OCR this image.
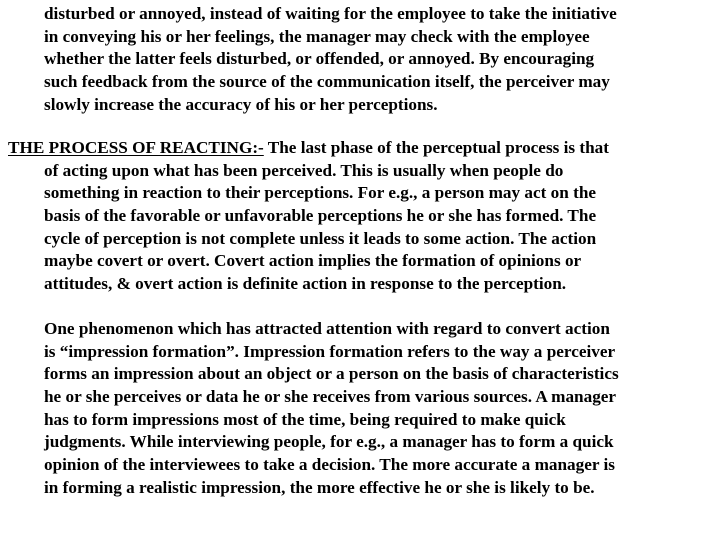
disturbed or annoyed, instead of waiting for the employee to take the initiative
in conveying his or her feelings, the manager may check with the employee
whether the latter feels disturbed, or offended, or annoyed. By encouraging
such feedback from the source of the communication itself, the perceiver may
slowly increase the accuracy of his or her perceptions.
THE PROCESS OF REACTING:- The last phase of the perceptual process is that
of acting upon what has been perceived. This is usually when people do
something in reaction to their perceptions. For e.g., a person may act on the
basis of the favorable or unfavorable perceptions he or she has formed. The
cycle of perception is not complete unless it leads to some action. The action
maybe covert or overt. Covert action implies the formation of opinions or
attitudes, & overt action is definite action in response to the perception.
One phenomenon which has attracted attention with regard to convert action
is “impression formation”. Impression formation refers to the way a perceiver
forms an impression about an object or a person on the basis of characteristics
he or she perceives or data he or she receives from various sources. A manager
has to form impressions most of the time, being required to make quick
judgments. While interviewing people, for e.g., a manager has to form a quick
opinion of the interviewees to take a decision. The more accurate a manager is
in forming a realistic impression, the more effective he or she is likely to be.
